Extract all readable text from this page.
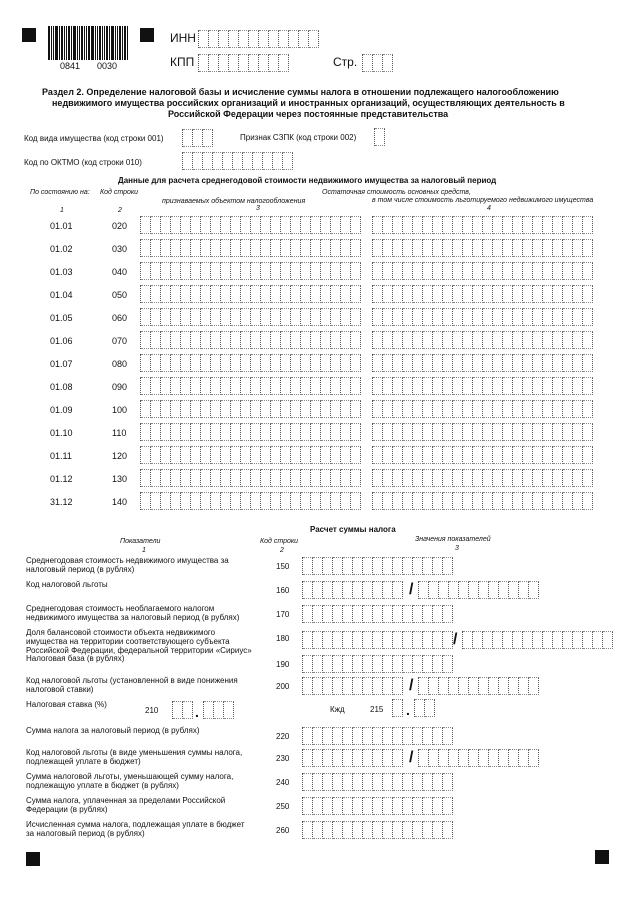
0841 0030
ИНН
КПП	Стр.
Раздел 2. Определение налоговой базы и исчисление суммы налога в отношении подлежащего налогообложению
недвижимого имущества российских организаций и иностранных организаций, осуществляющих деятельность в
Российской Федерации через постоянные представительства
Код вида имущества (код строки 001)	Признак СЗПК (код строки 002)
Код по ОКТМО (код строки 010)
Данные для расчета среднегодовой стоимости недвижимого имущества за налоговый период
По состоянию на: Код строки	Остаточная стоимость основных средств,
признаваемых объектом налогообложения	в том числе стоимость льготируемого недвижимого имущества
1	2	3	4
01.01	020
01.02	030
01.03	040
01.04	050
01.05	060
01.06	070
01.07	080
01.08	090
01.09	100
01.10	110
01.11	120
01.12	130
31.12	140
Расчет суммы налога
Показатели	Код строки	Значения показателей
1	2	3
Среднегодовая стоимость недвижимого имущества за
налоговый период (в рублях)	150
Код налоговой льготы
160	/
Среднегодовая стоимость необлагаемого налогом
недвижимого имущества за налоговый период (в рублях)	170
Доля балансовой стоимости объекта недвижимого
имущества на территории соответствующего субъекта
Российской Федерации, федеральной территории «Сириус»
180	/
Налоговая база (в рублях)
190
Код налоговой льготы (установленной в виде понижения
налоговой ставки)	200	/
Налоговая ставка (%)
210	.
Сумма налога за налоговый период (в рублях)
220
Код налоговой льготы (в виде уменьшения суммы налога,
подлежащей уплате в бюджет)	230	/
Сумма налоговой льготы, уменьшающей сумму налога,
подлежащую уплате в бюджет (в рублях)	240
Сумма налога, уплаченная за пределами Российской
Федерации (в рублях)	250
Исчисленная сумма налога, подлежащая уплате в бюджет
за налоговый период (в рублях)	260
Кжд	215 .
